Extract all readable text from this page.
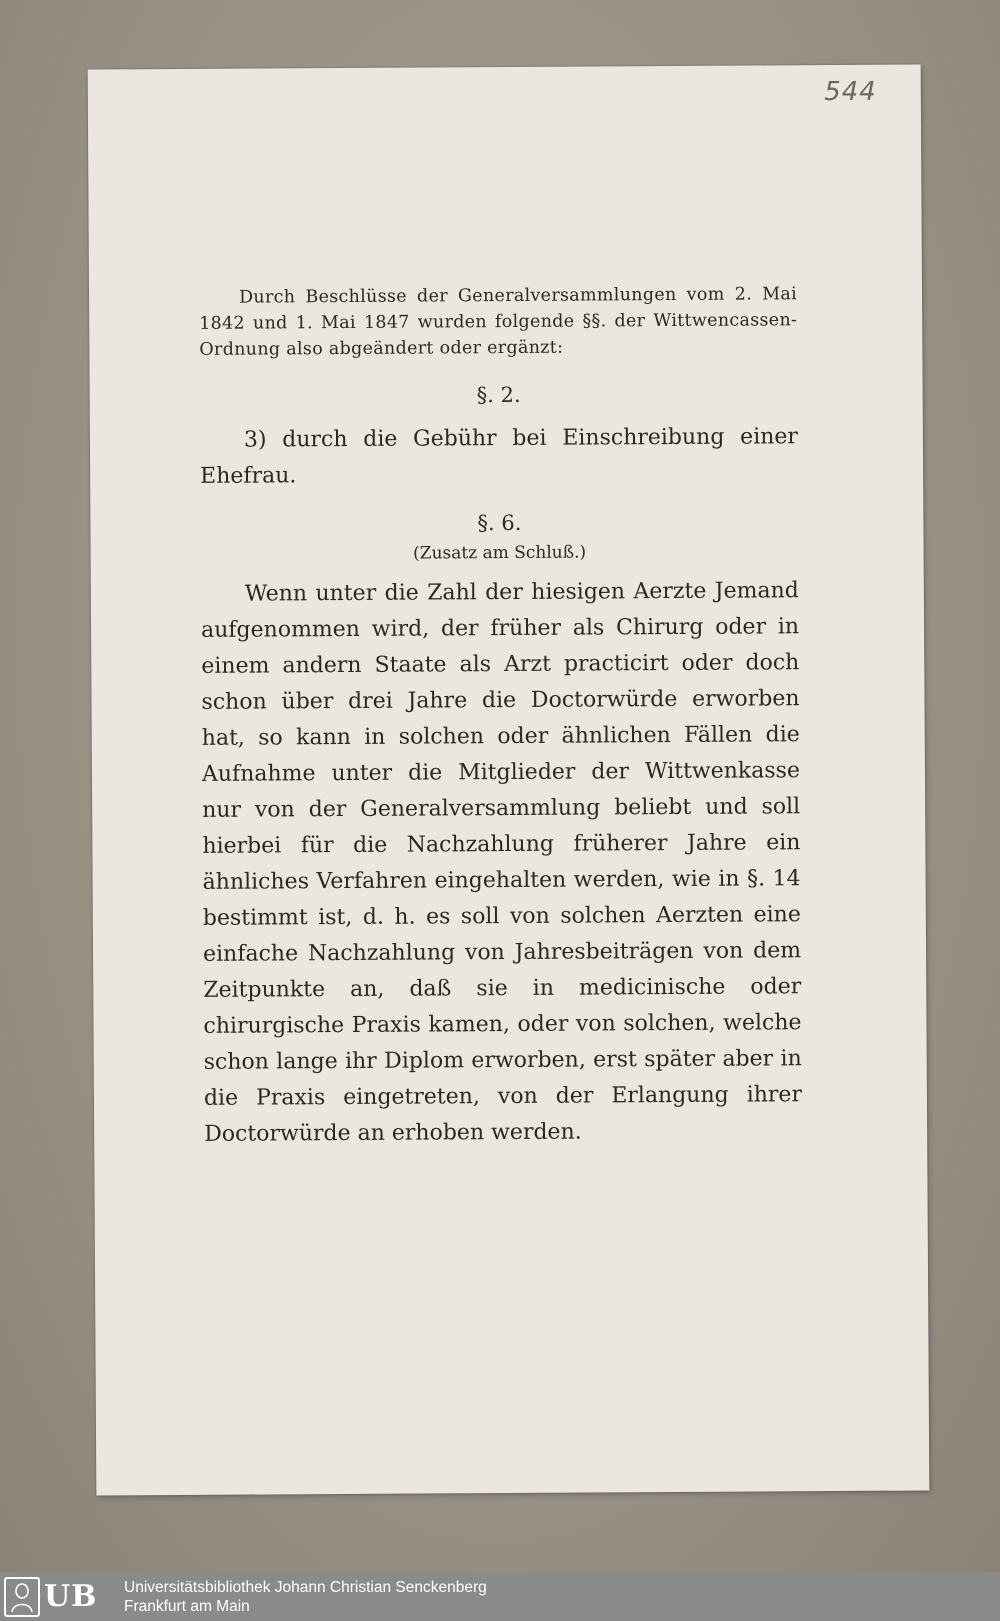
544

Durch Beschlüsse der Generalversammlungen vom 2. Mai 1842 und 1. Mai 1847 wurden folgende §§. der Wittwencassen-Ordnung also abgeändert oder ergänzt:

§. 2.

3) durch die Gebühr bei Einschreibung einer Ehefrau.

§. 6.
(Zusatz am Schluß.)

Wenn unter die Zahl der hiesigen Aerzte Jemand aufgenommen wird, der früher als Chirurg oder in einem andern Staate als Arzt practicirt oder doch schon über drei Jahre die Doctorwürde erworben hat, so kann in solchen oder ähnlichen Fällen die Aufnahme unter die Mitglieder der Wittwenkasse nur von der Generalversammlung beliebt und soll hierbei für die Nachzahlung früherer Jahre ein ähnliches Verfahren eingehalten werden, wie in §. 14 bestimmt ist, d. h. es soll von solchen Aerzten eine einfache Nachzahlung von Jahresbeiträgen von dem Zeitpunkte an, daß sie in medicinische oder chirurgische Praxis kamen, oder von solchen, welche schon lange ihr Diplom erworben, erst später aber in die Praxis eingetreten, von der Erlangung ihrer Doctorwürde an erhoben werden.

UB Universitätsbibliothek Johann Christian Senckenberg
Frankfurt am Main
